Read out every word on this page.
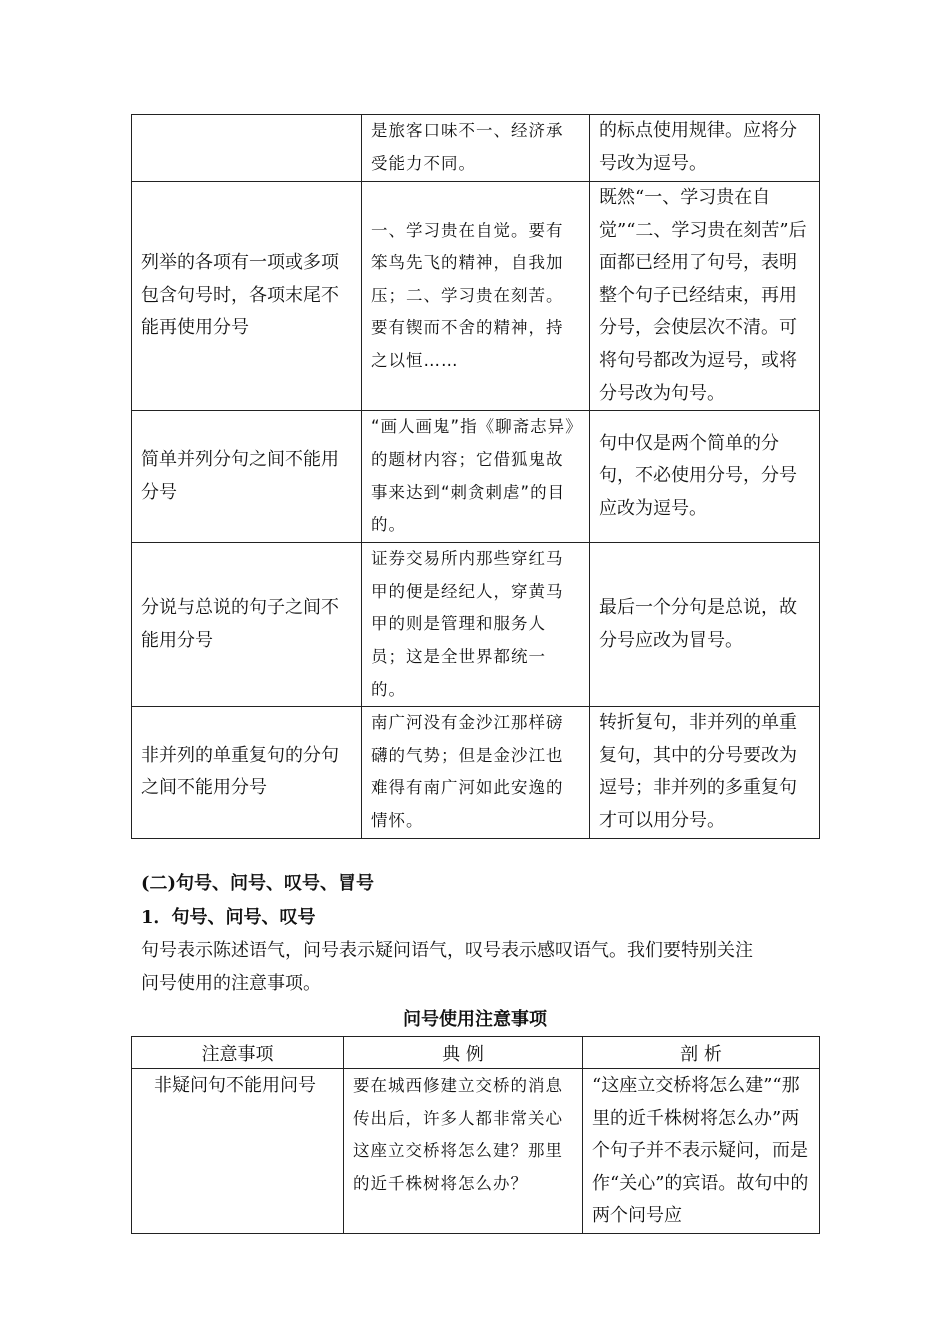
	是旅客口味不一、经济承受能力不同。	的标点使用规律。应将分号改为逗号。
列举的各项有一项或多项包含句号时，各项末尾不能再使用分号	一、学习贵在自觉。要有笨鸟先飞的精神，自我加压；二、学习贵在刻苦。要有锲而不舍的精神，持之以恒……	既然“一、学习贵在自觉”“二、学习贵在刻苦”后面都已经用了句号，表明整个句子已经结束，再用分号，会使层次不清。可将句号都改为逗号，或将分号改为句号。
简单并列分句之间不能用分号	“画人画鬼”指《聊斋志异》的题材内容；它借狐鬼故事来达到“刺贪刺虐”的目的。	句中仅是两个简单的分句，不必使用分号，分号应改为逗号。
分说与总说的句子之间不能用分号	证券交易所内那些穿红马甲的便是经纪人，穿黄马甲的则是管理和服务人员；这是全世界都统一的。	最后一个分句是总说，故分号应改为冒号。
非并列的单重复句的分句之间不能用分号	南广河没有金沙江那样磅礴的气势；但是金沙江也难得有南广河如此安逸的情怀。	转折复句，非并列的单重复句，其中的分号要改为逗号；非并列的多重复句才可以用分号。
(二)句号、问号、叹号、冒号
1．句号、问号、叹号
句号表示陈述语气，问号表示疑问语气，叹号表示感叹语气。我们要特别关注
问号使用的注意事项。
问号使用注意事项
注意事项	典 例	剖 析
非疑问句不能用问号	要在城西修建立交桥的消息传出后，许多人都非常关心这座立交桥将怎么建？那里的近千株树将怎么办？	“这座立交桥将怎么建”“那里的近千株树将怎么办”两个句子并不表示疑问，而是作“关心”的宾语。故句中的两个问号应
